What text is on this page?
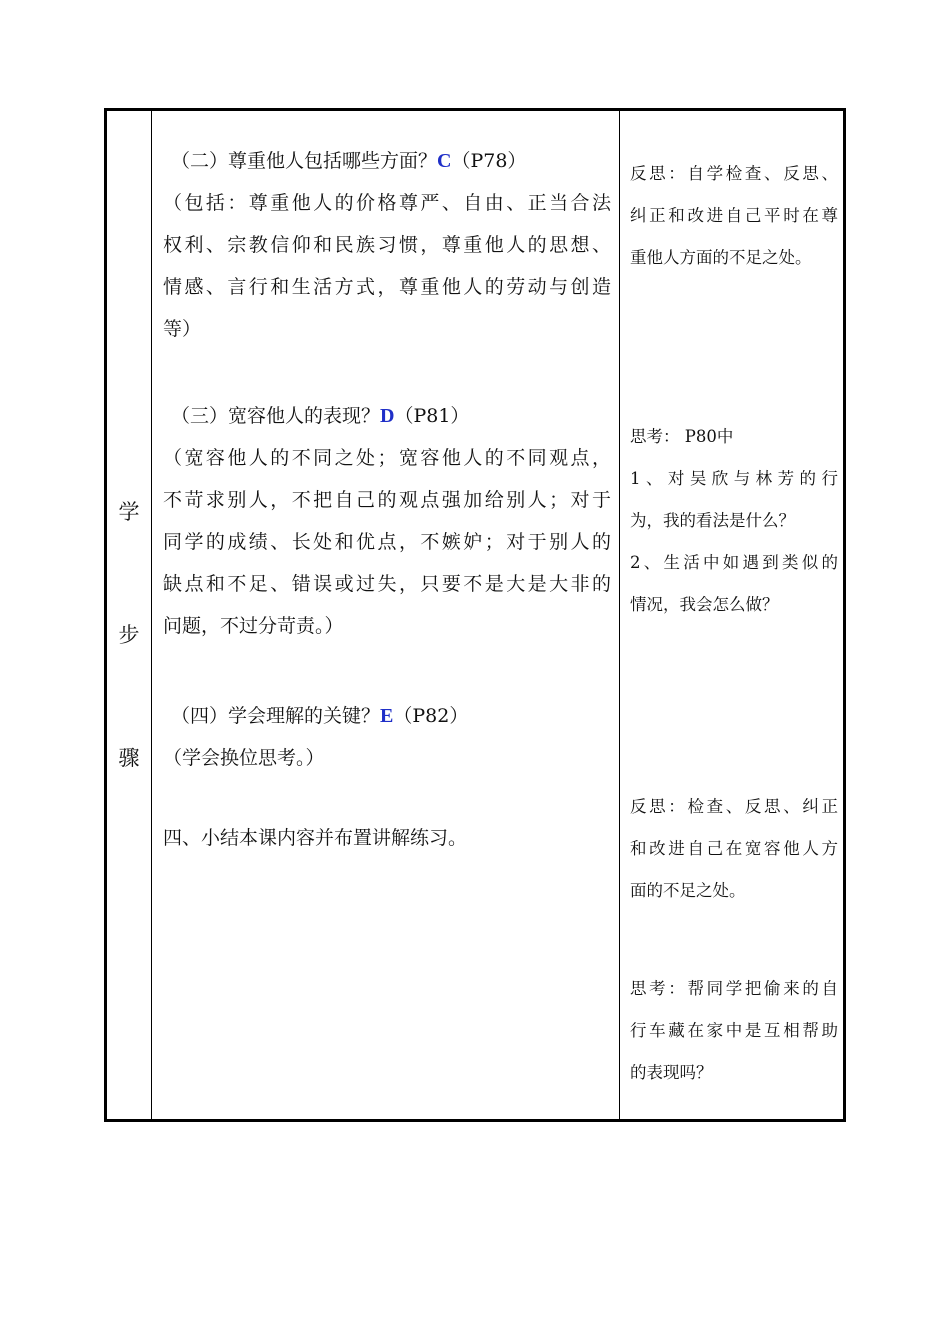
学
步
骤
（二）尊重他人包括哪些方面？C（P78）
（包括：尊重他人的价格尊严、自由、正当合法
权利、宗教信仰和民族习惯，尊重他人的思想、
情感、言行和生活方式，尊重他人的劳动与创造
等）
（三）宽容他人的表现？D（P81）
（宽容他人的不同之处；宽容他人的不同观点，
不苛求别人，不把自己的观点强加给别人；对于
同学的成绩、长处和优点，不嫉妒；对于别人的
缺点和不足、错误或过失，只要不是大是大非的
问题，不过分苛责。）
（四）学会理解的关键？E（P82）
（学会换位思考。）
四、小结本课内容并布置讲解练习。
反思：自学检查、反思、
纠正和改进自己平时在尊
重他人方面的不足之处。
思考： P80中
1、对吴欣与林芳的行
为，我的看法是什么？
2、生活中如遇到类似的
情况，我会怎么做？
反思：检查、反思、纠正
和改进自己在宽容他人方
面的不足之处。
思考：帮同学把偷来的自
行车藏在家中是互相帮助
的表现吗？
